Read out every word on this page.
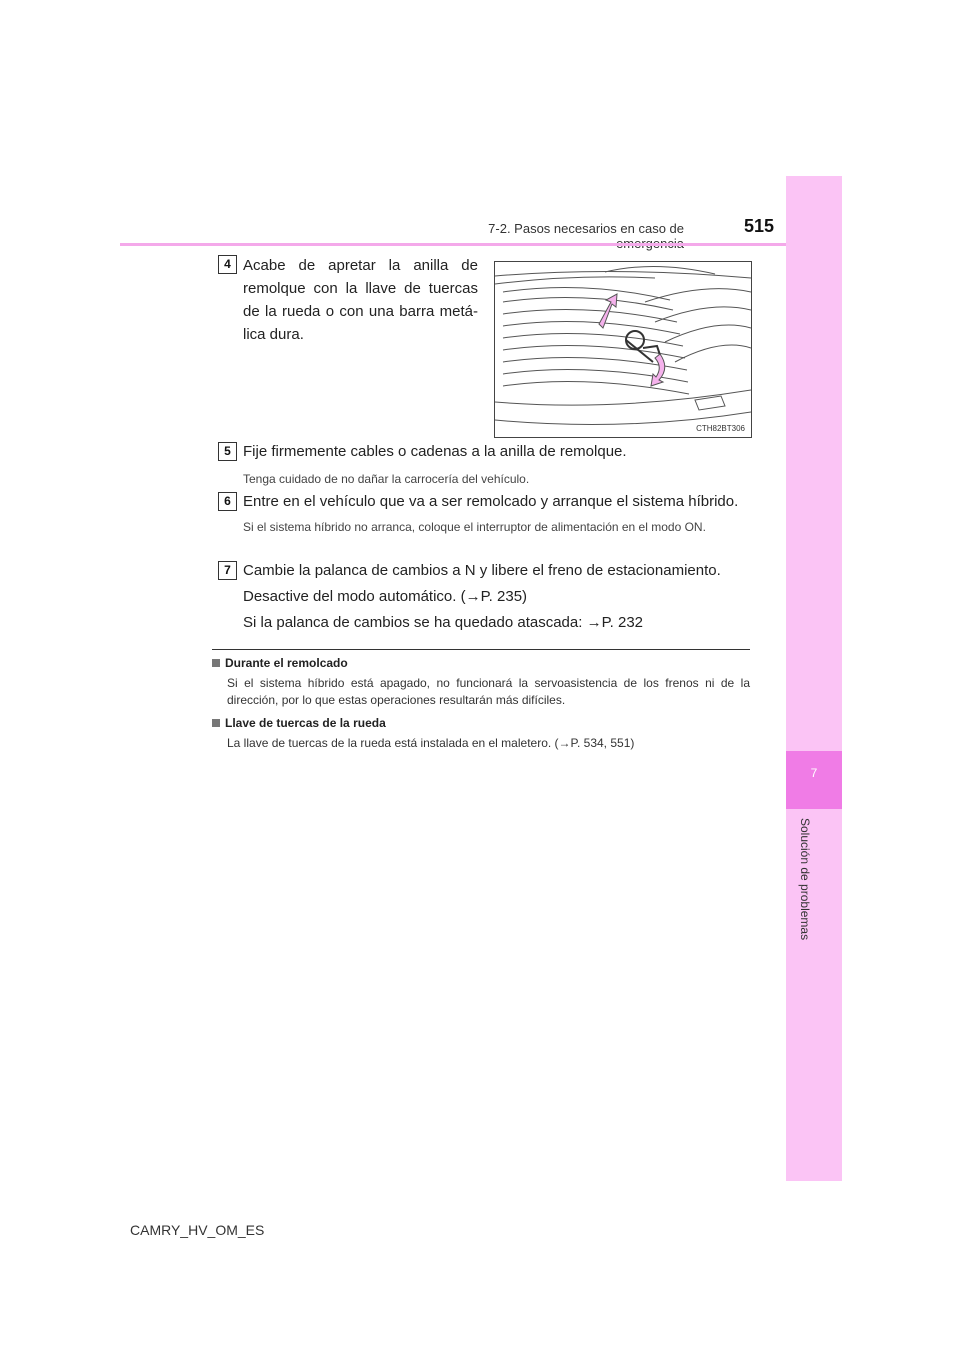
7-2. Pasos necesarios en caso de	515
7
Solución de problemas
4 Acabe de apretar la anilla de remolque con la llave de tuercas de la rueda o con una barra metá-lica dura.
CTH82BT306
5 Fije firmemente cables o cadenas a la anilla de remolque.
Tenga cuidado de no dañar la carrocería del vehículo.
6 Entre en el vehículo que va a ser remolcado y arranque el sistema híbrido.
Si el sistema híbrido no arranca, coloque el interruptor de alimentación en el modo ON.
7 Cambie la palanca de cambios a N y libere el freno de estacionamiento.
Desactive del modo automático. (→P. 235)
Si la palanca de cambios se ha quedado atascada: →P. 232
Durante el remolcado
Si el sistema híbrido está apagado, no funcionará la servoasistencia de los frenos ni de la dirección, por lo que estas operaciones resultarán más difíciles.
Llave de tuercas de la rueda
La llave de tuercas de la rueda está instalada en el maletero. (→P. 534, 551)
CAMRY_HV_OM_ES
